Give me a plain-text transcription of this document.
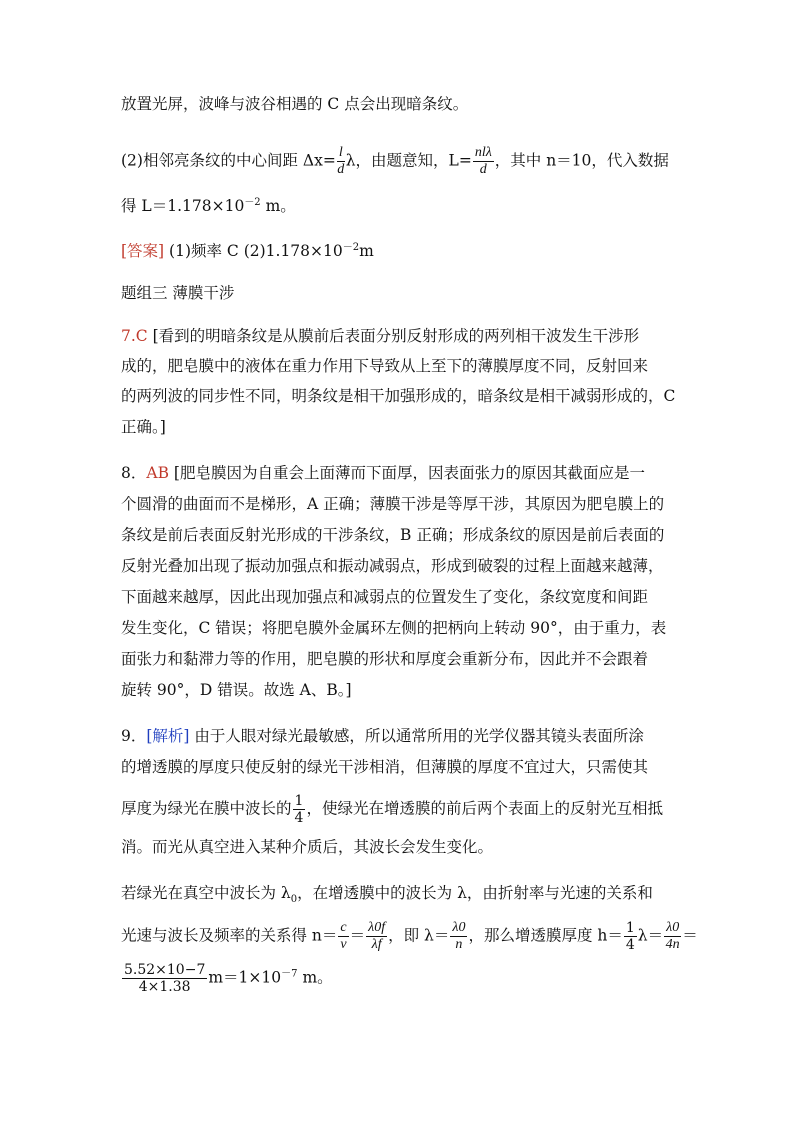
放置光屏，波峰与波谷相遇的 C 点会出现暗条纹。
(2)相邻亮条纹的中心间距 $\Delta x= \frac{l}{d}$ λ，由题意知，$L= \frac{\text{nlλ}}{d}$ ，其中 n＝10，代入数据
得 $L=1.178\times 10^{-2}$ m。
[答案] (1)频率 C $(2)1.178\times 10^{-2}m$
题组三 薄膜干涉
7.C [看到的明暗条纹是从膜前后表面分别反射形成的两列相干波发生干涉形
成的，肥皂膜中的液体在重力作用下导致从上至下的薄膜厚度不同，反射回来
的两列波的同步性不同，明条纹是相干加强形成的，暗条纹是相干减弱形成的，C
正确。]
8．AB [肥皂膜因为自重会上面薄而下面厚，因表面张力的原因其截面应是一
个圆滑的曲面而不是梯形，A 正确；薄膜干涉是等厚干涉，其原因为肥皂膜上的
条纹是前后表面反射光形成的干涉条纹，B 正确；形成条纹的原因是前后表面的
反射光叠加出现了振动加强点和振动减弱点，形成到破裂的过程上面越来越薄，
下面越来越厚，因此出现加强点和减弱点的位置发生了变化，条纹宽度和间距
发生变化，C 错误；将肥皂膜外金属环左侧的把柄向上转动 90°，由于重力，表
面张力和黏滞力等的作用，肥皂膜的形状和厚度会重新分布，因此并不会跟着
旋转 90°，D 错误。故选 A、B。]
9．[解析] 由于人眼对绿光最敏感，所以通常所用的光学仪器其镜头表面所涂
的增透膜的厚度只使反射的绿光干涉相消，但薄膜的厚度不宜过大，只需使其
厚度为绿光在膜中波长的 $\frac{1}{4}$ ，使绿光在增透膜的前后两个表面上的反射光互相抵
消。而光从真空进入某种介质后，其波长会发生变化。
若绿光在真空中波长为 $\lambda_0$，在增透膜中的波长为 λ，由折射率与光速的关系和
光速与波长及频率的关系得 $n= \frac{c}{v} = \frac{\lambda 0f}{\lambda f}$ ，即 $\lambda= \frac{\lambda 0}{n}$ ，那么增透膜厚度 $h= \frac{1}{4} \lambda= \frac{\lambda 0}{4n}$ ＝
$\frac{5.52\times 10-7}{4\times 1.38} m=1\times 10^{-7}$ m。
